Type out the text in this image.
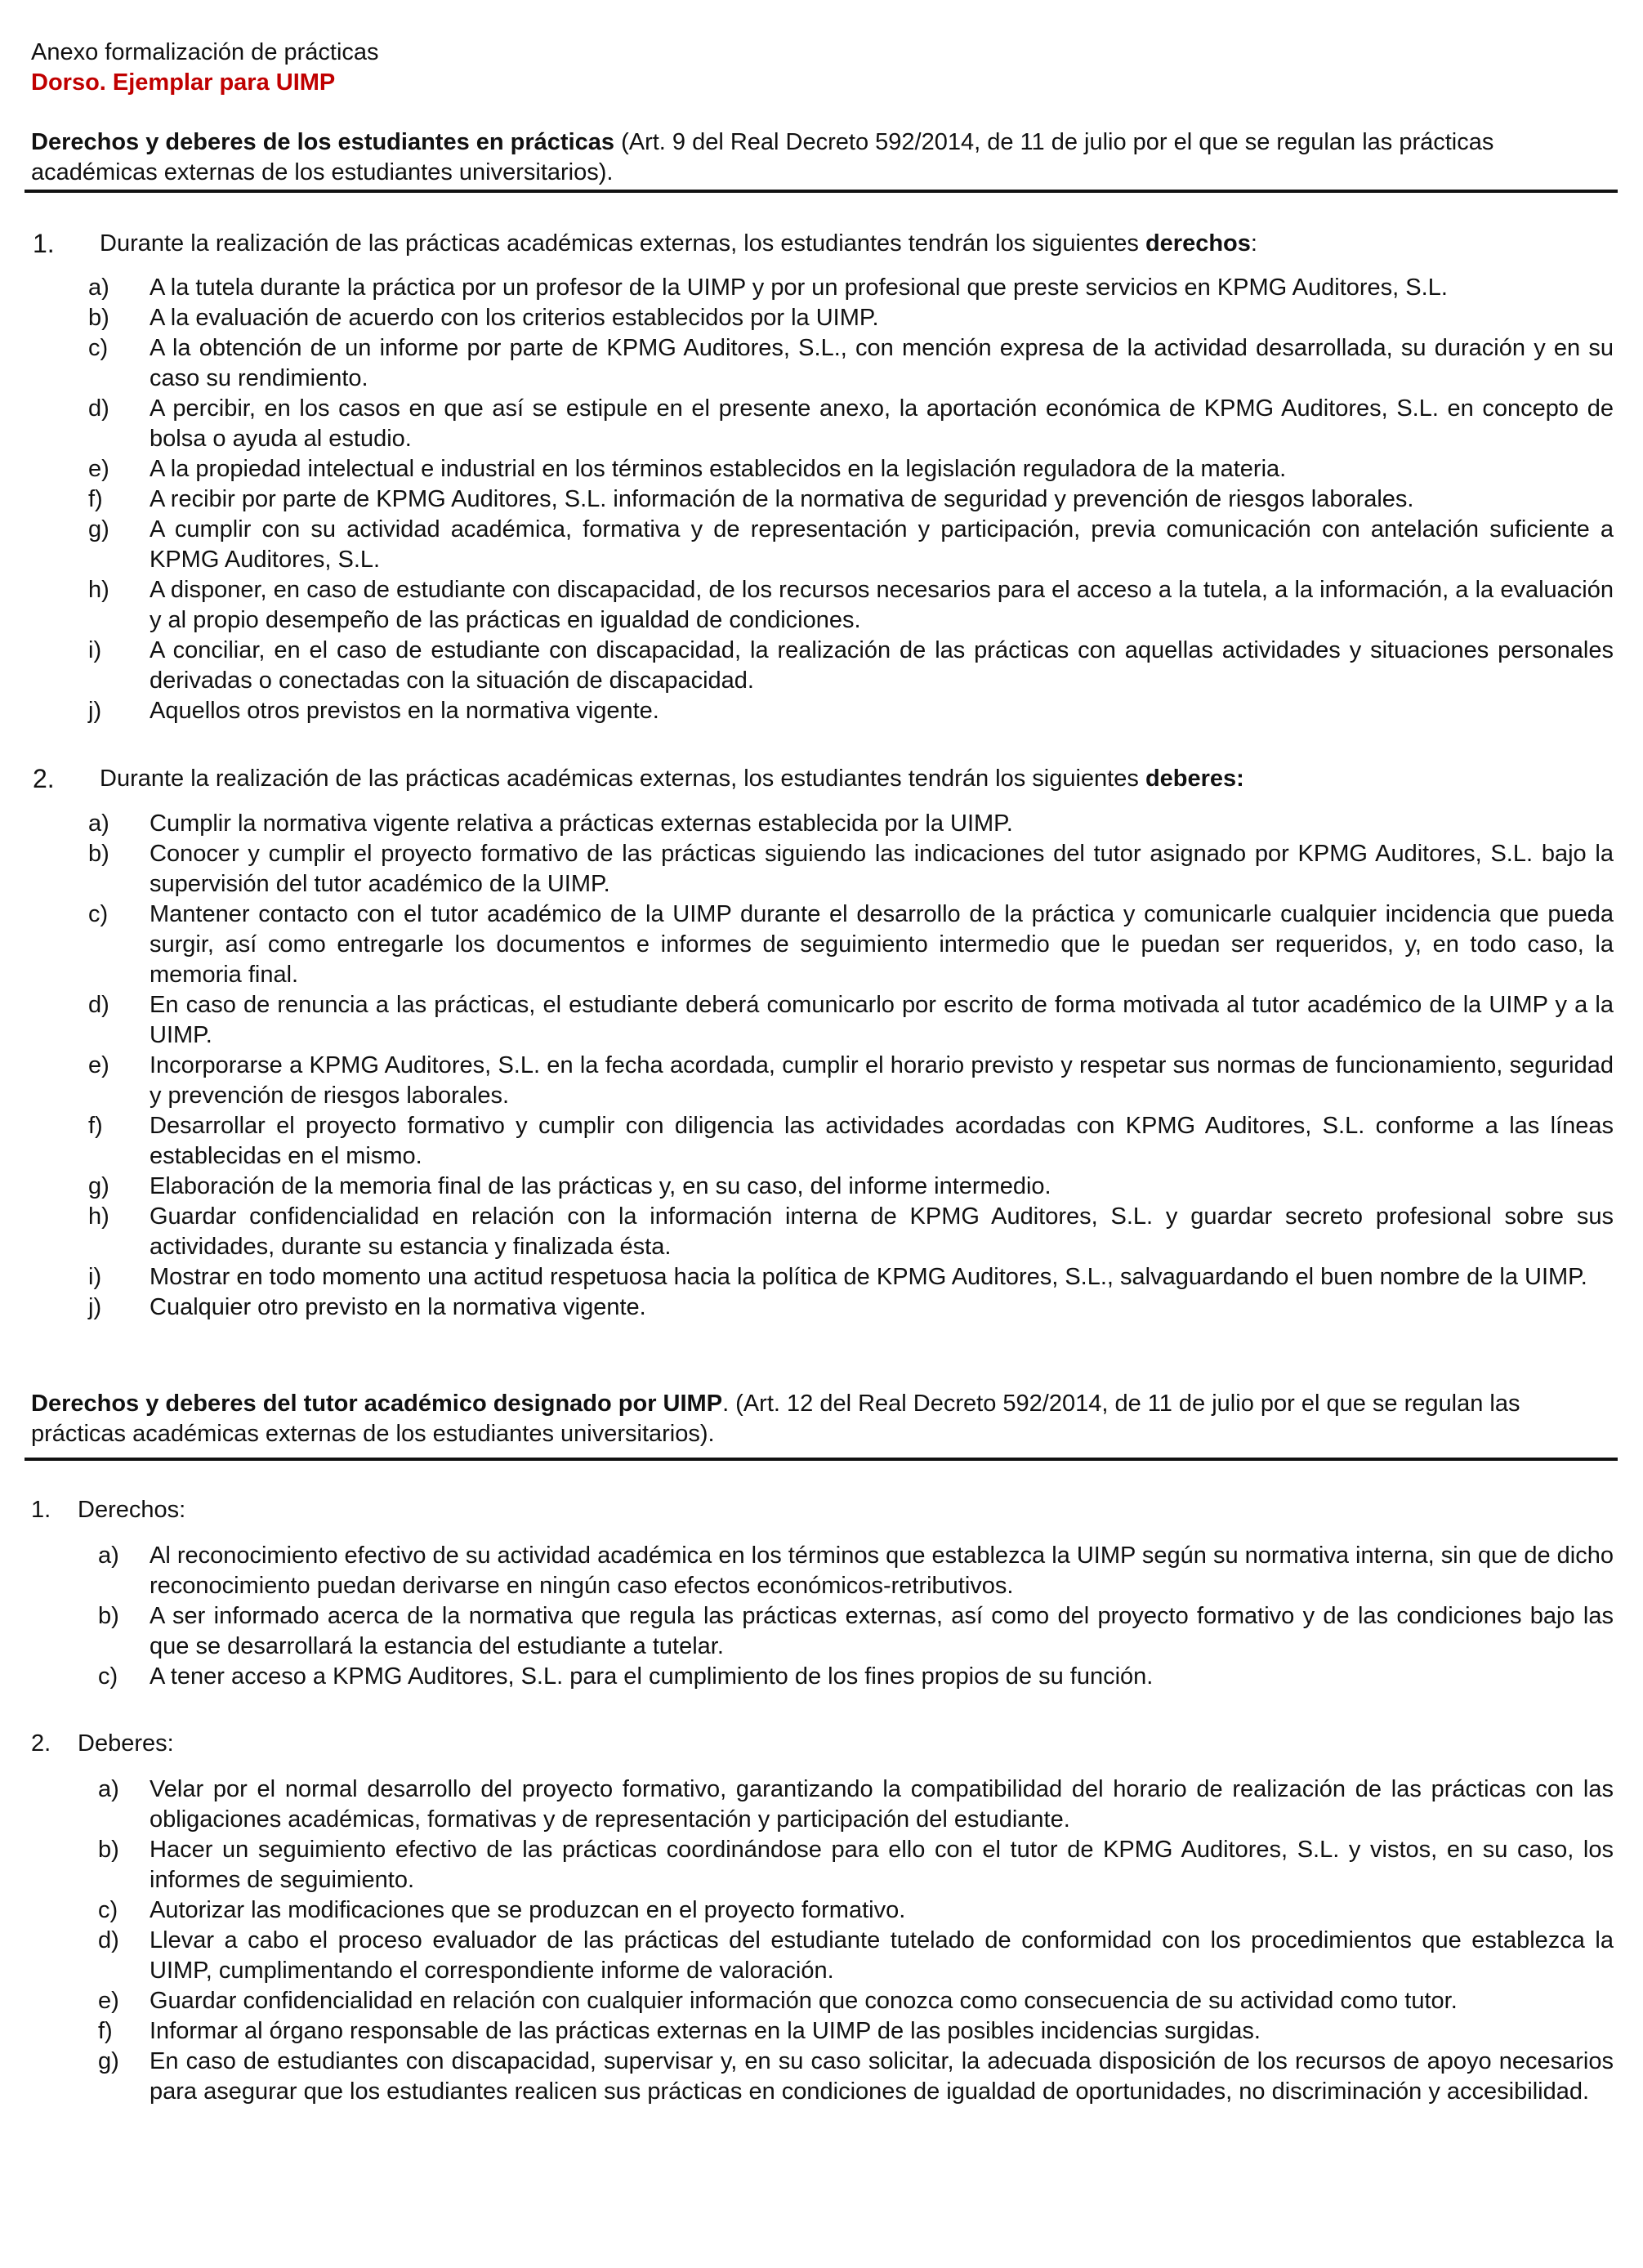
Anexo formalización de prácticas
Dorso. Ejemplar para UIMP
Derechos y deberes de los estudiantes en prácticas (Art. 9 del Real Decreto 592/2014, de 11 de julio por el que se regulan las prácticas académicas externas de los estudiantes universitarios).
1. Durante la realización de las prácticas académicas externas, los estudiantes tendrán los siguientes derechos:
a) A la tutela durante la práctica por un profesor de la UIMP y por un profesional que preste servicios en KPMG Auditores, S.L.
b) A la evaluación de acuerdo con los criterios establecidos por la UIMP.
c) A la obtención de un informe por parte de KPMG Auditores, S.L., con mención expresa de la actividad desarrollada, su duración y en su caso su rendimiento.
d) A percibir, en los casos en que así se estipule en el presente anexo, la aportación económica de KPMG Auditores, S.L. en concepto de bolsa o ayuda al estudio.
e) A la propiedad intelectual e industrial en los términos establecidos en la legislación reguladora de la materia.
f) A recibir por parte de KPMG Auditores, S.L. información de la normativa de seguridad y prevención de riesgos laborales.
g) A cumplir con su actividad académica, formativa y de representación y participación, previa comunicación con antelación suficiente a KPMG Auditores, S.L.
h) A disponer, en caso de estudiante con discapacidad, de los recursos necesarios para el acceso a la tutela, a la información, a la evaluación y al propio desempeño de las prácticas en igualdad de condiciones.
i) A conciliar, en el caso de estudiante con discapacidad, la realización de las prácticas con aquellas actividades y situaciones personales derivadas o conectadas con la situación de discapacidad.
j) Aquellos otros previstos en la normativa vigente.
2. Durante la realización de las prácticas académicas externas, los estudiantes tendrán los siguientes deberes:
a) Cumplir la normativa vigente relativa a prácticas externas establecida por la UIMP.
b) Conocer y cumplir el proyecto formativo de las prácticas siguiendo las indicaciones del tutor asignado por KPMG Auditores, S.L. bajo la supervisión del tutor académico de la UIMP.
c) Mantener contacto con el tutor académico de la UIMP durante el desarrollo de la práctica y comunicarle cualquier incidencia que pueda surgir, así como entregarle los documentos e informes de seguimiento intermedio que le puedan ser requeridos, y, en todo caso, la memoria final.
d) En caso de renuncia a las prácticas, el estudiante deberá comunicarlo por escrito de forma motivada al tutor académico de la UIMP y a la UIMP.
e) Incorporarse a KPMG Auditores, S.L. en la fecha acordada, cumplir el horario previsto y respetar sus normas de funcionamiento, seguridad y prevención de riesgos laborales.
f) Desarrollar el proyecto formativo y cumplir con diligencia las actividades acordadas con KPMG Auditores, S.L. conforme a las líneas establecidas en el mismo.
g) Elaboración de la memoria final de las prácticas y, en su caso, del informe intermedio.
h) Guardar confidencialidad en relación con la información interna de KPMG Auditores, S.L. y guardar secreto profesional sobre sus actividades, durante su estancia y finalizada ésta.
i) Mostrar en todo momento una actitud respetuosa hacia la política de KPMG Auditores, S.L., salvaguardando el buen nombre de la UIMP.
j) Cualquier otro previsto en la normativa vigente.
Derechos y deberes del tutor académico designado por UIMP. (Art. 12 del Real Decreto 592/2014, de 11 de julio por el que se regulan las prácticas académicas externas de los estudiantes universitarios).
1. Derechos:
a) Al reconocimiento efectivo de su actividad académica en los términos que establezca la UIMP según su normativa interna, sin que de dicho reconocimiento puedan derivarse en ningún caso efectos económicos-retributivos.
b) A ser informado acerca de la normativa que regula las prácticas externas, así como del proyecto formativo y de las condiciones bajo las que se desarrollará la estancia del estudiante a tutelar.
c) A tener acceso a KPMG Auditores, S.L. para el cumplimiento de los fines propios de su función.
2. Deberes:
a) Velar por el normal desarrollo del proyecto formativo, garantizando la compatibilidad del horario de realización de las prácticas con las obligaciones académicas, formativas y de representación y participación del estudiante.
b) Hacer un seguimiento efectivo de las prácticas coordinándose para ello con el tutor de KPMG Auditores, S.L. y vistos, en su caso, los informes de seguimiento.
c) Autorizar las modificaciones que se produzcan en el proyecto formativo.
d) Llevar a cabo el proceso evaluador de las prácticas del estudiante tutelado de conformidad con los procedimientos que establezca la UIMP, cumplimentando el correspondiente informe de valoración.
e) Guardar confidencialidad en relación con cualquier información que conozca como consecuencia de su actividad como tutor.
f) Informar al órgano responsable de las prácticas externas en la UIMP de las posibles incidencias surgidas.
g) En caso de estudiantes con discapacidad, supervisar y, en su caso solicitar, la adecuada disposición de los recursos de apoyo necesarios para asegurar que los estudiantes realicen sus prácticas en condiciones de igualdad de oportunidades, no discriminación y accesibilidad.
